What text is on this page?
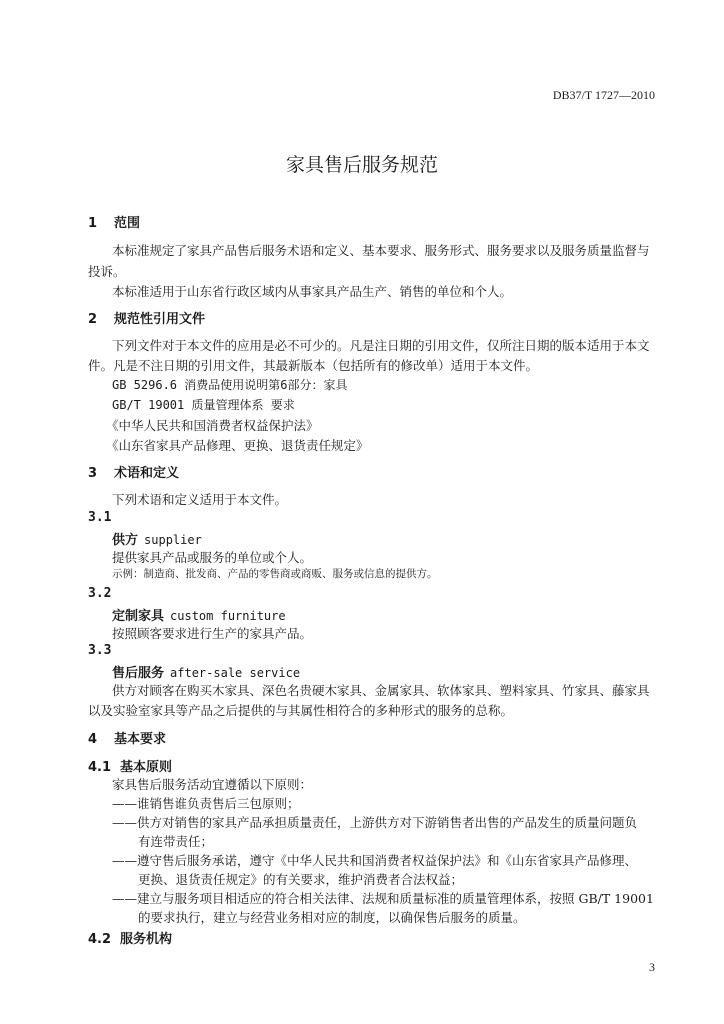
DB37/T 1727—2010
家具售后服务规范
1 范围
本标准规定了家具产品售后服务术语和定义、基本要求、服务形式、服务要求以及服务质量监督与
投诉。
本标准适用于山东省行政区域内从事家具产品生产、销售的单位和个人。
2 规范性引用文件
下列文件对于本文件的应用是必不可少的。凡是注日期的引用文件，仅所注日期的版本适用于本文
件。凡是不注日期的引用文件，其最新版本（包括所有的修改单）适用于本文件。
GB 5296.6 消费品使用说明第6部分：家具
GB/T 19001 质量管理体系 要求
《中华人民共和国消费者权益保护法》
《山东省家具产品修理、更换、退货责任规定》
3 术语和定义
下列术语和定义适用于本文件。
3.1
供方 supplier
提供家具产品或服务的单位或个人。
示例：制造商、批发商、产品的零售商或商贩、服务或信息的提供方。
3.2
定制家具 custom furniture
按照顾客要求进行生产的家具产品。
3.3
售后服务 after-sale service
供方对顾客在购买木家具、深色名贵硬木家具、金属家具、软体家具、塑料家具、竹家具、藤家具
以及实验室家具等产品之后提供的与其属性相符合的多种形式的服务的总称。
4 基本要求
4.1 基本原则
家具售后服务活动宜遵循以下原则：
——谁销售谁负责售后三包原则；
——供方对销售的家具产品承担质量责任，上游供方对下游销售者出售的产品发生的质量问题负
有连带责任；
——遵守售后服务承诺，遵守《中华人民共和国消费者权益保护法》和《山东省家具产品修理、
更换、退货责任规定》的有关要求，维护消费者合法权益；
——建立与服务项目相适应的符合相关法律、法规和质量标准的质量管理体系，按照 GB/T 19001
的要求执行，建立与经营业务相对应的制度，以确保售后服务的质量。
4.2 服务机构
3
